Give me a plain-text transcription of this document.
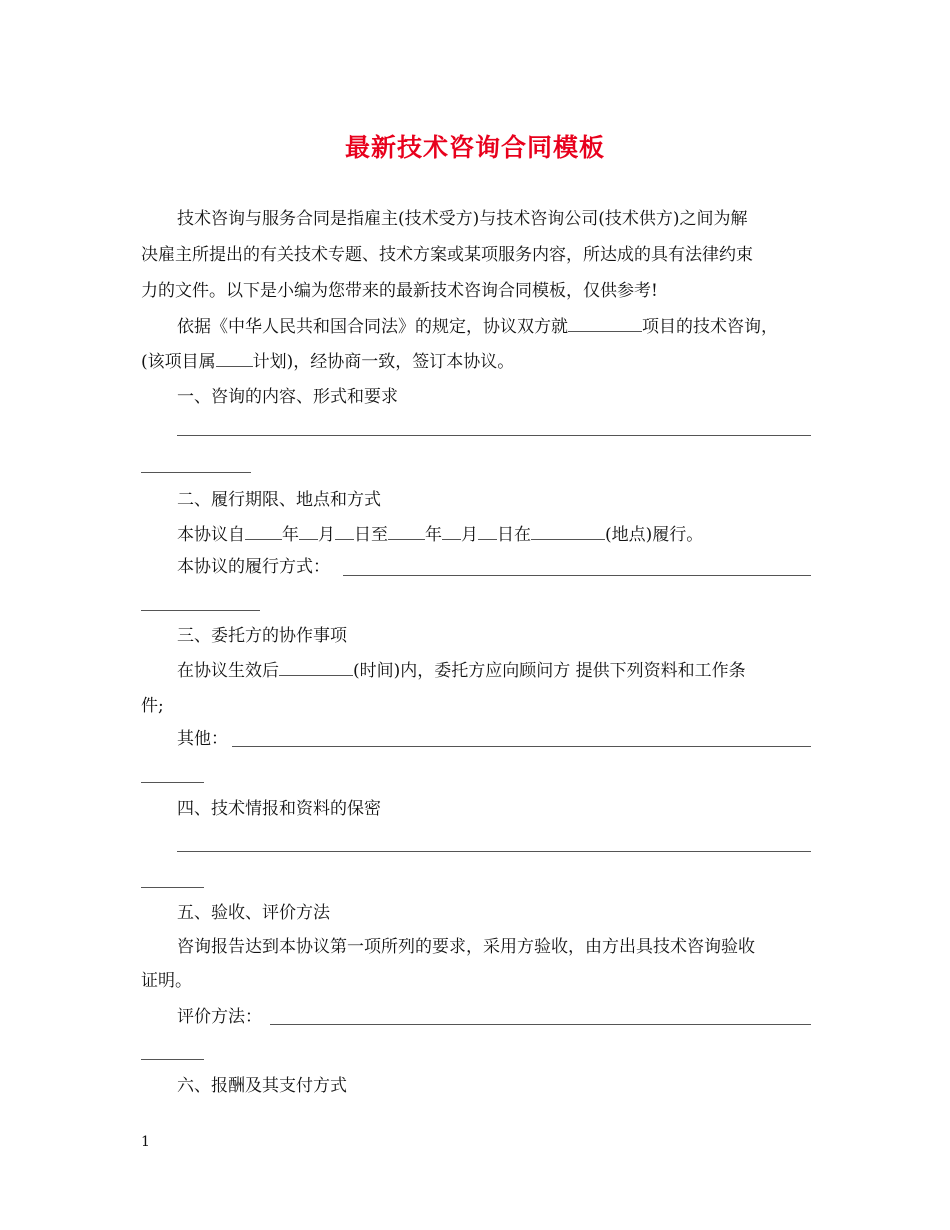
最新技术咨询合同模板
技术咨询与服务合同是指雇主(技术受方)与技术咨询公司(技术供方)之间为解
决雇主所提出的有关技术专题、技术方案或某项服务内容，所达成的具有法律约束
力的文件。以下是小编为您带来的最新技术咨询合同模板，仅供参考!
依据《中华人民共和国合同法》的规定，协议双方就	项目的技术咨询，
(该项目属 计划)，经协商一致，签订本协议。
一、咨询的内容、形式和要求
二、履行期限、地点和方式
本协议自 年 月 日至 年 月 日在	(地点)履行。
本协议的履行方式：
三、委托方的协作事项
在协议生效后	(时间)内，委托方应向顾问方 提供下列资料和工作条
件;
其他：
四、技术情报和资料的保密
五、验收、评价方法
咨询报告达到本协议第一项所列的要求，采用方验收，由方出具技术咨询验收
证明。
评价方法：
六、报酬及其支付方式
1
